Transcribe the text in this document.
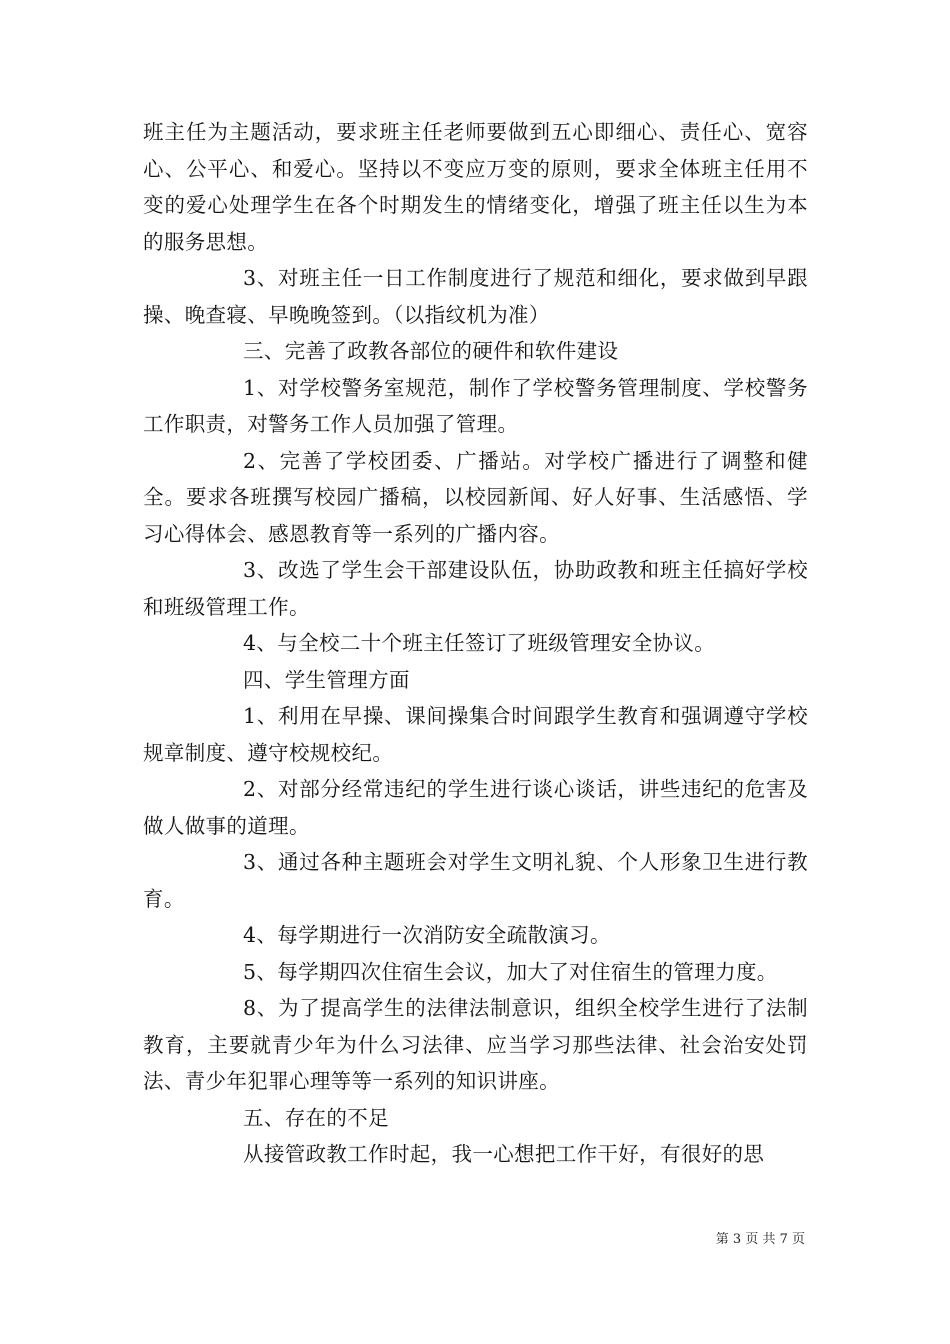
班主任为主题活动，要求班主任老师要做到五心即细心、责任心、宽容心、公平心、和爱心。坚持以不变应万变的原则，要求全体班主任用不变的爱心处理学生在各个时期发生的情绪变化，增强了班主任以生为本的服务思想。

3、对班主任一日工作制度进行了规范和细化，要求做到早跟操、晚查寝、早晚晚签到。（以指纹机为准）

三、完善了政教各部位的硬件和软件建设

1、对学校警务室规范，制作了学校警务管理制度、学校警务工作职责，对警务工作人员加强了管理。

2、完善了学校团委、广播站。对学校广播进行了调整和健全。要求各班撰写校园广播稿，以校园新闻、好人好事、生活感悟、学习心得体会、感恩教育等一系列的广播内容。

3、改选了学生会干部建设队伍，协助政教和班主任搞好学校和班级管理工作。

4、与全校二十个班主任签订了班级管理安全协议。

四、学生管理方面

1、利用在早操、课间操集合时间跟学生教育和强调遵守学校规章制度、遵守校规校纪。

2、对部分经常违纪的学生进行谈心谈话，讲些违纪的危害及做人做事的道理。

3、通过各种主题班会对学生文明礼貌、个人形象卫生进行教育。

4、每学期进行一次消防安全疏散演习。

5、每学期四次住宿生会议，加大了对住宿生的管理力度。

8、为了提高学生的法律法制意识，组织全校学生进行了法制教育，主要就青少年为什么习法律、应当学习那些法律、社会治安处罚法、青少年犯罪心理等等一系列的知识讲座。

五、存在的不足

从接管政教工作时起，我一心想把工作干好，有很好的思

第 3 页 共 7 页
